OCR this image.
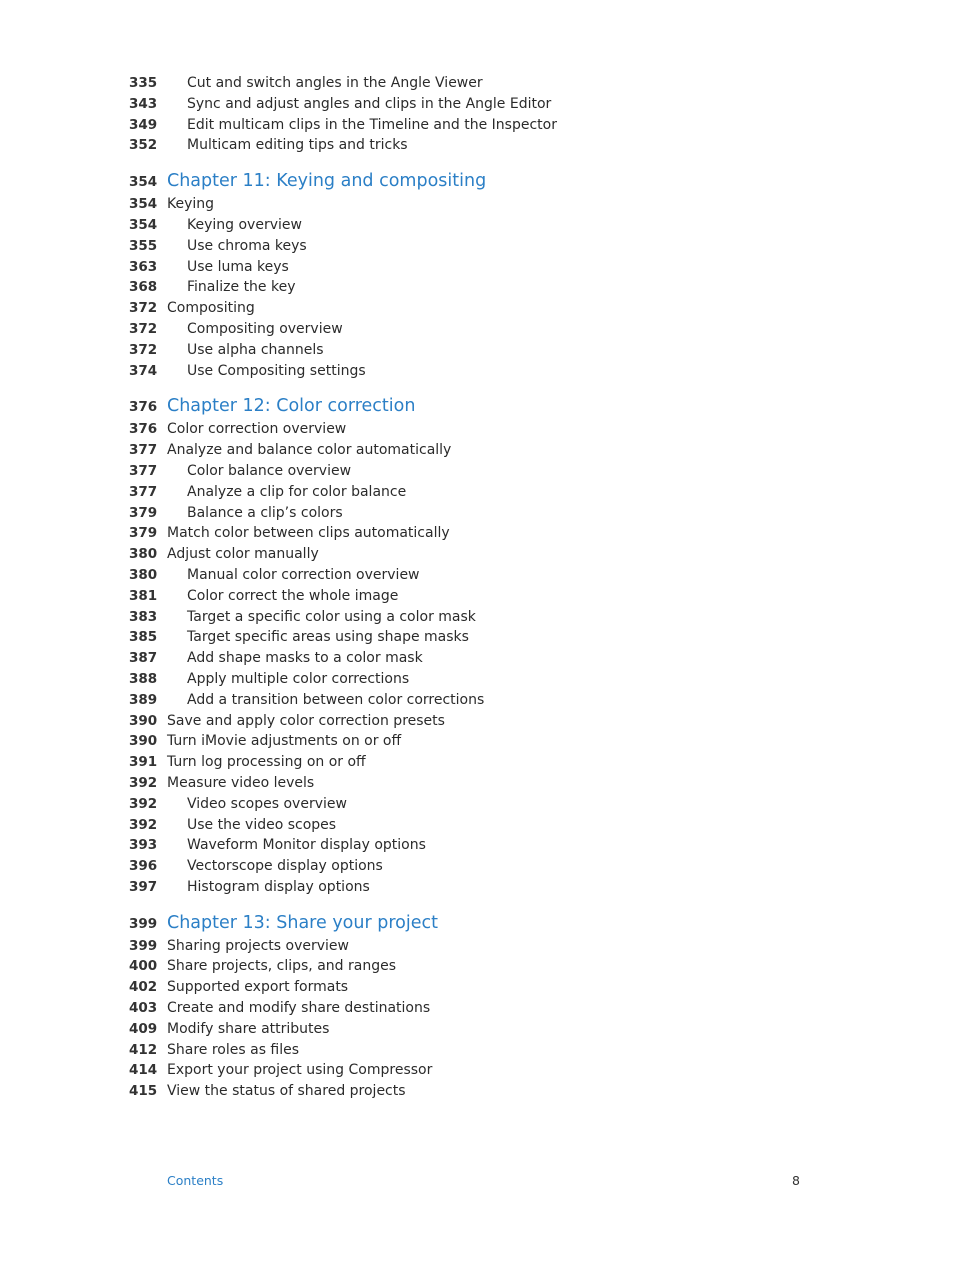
335 Cut and switch angles in the Angle Viewer
343 Sync and adjust angles and clips in the Angle Editor
349 Edit multicam clips in the Timeline and the Inspector
352 Multicam editing tips and tricks
354 Chapter 11: Keying and compositing
354 Keying
354 Keying overview
355 Use chroma keys
363 Use luma keys
368 Finalize the key
372 Compositing
372 Compositing overview
372 Use alpha channels
374 Use Compositing settings
376 Chapter 12: Color correction
376 Color correction overview
377 Analyze and balance color automatically
377 Color balance overview
377 Analyze a clip for color balance
379 Balance a clip’s colors
379 Match color between clips automatically
380 Adjust color manually
380 Manual color correction overview
381 Color correct the whole image
383 Target a specific color using a color mask
385 Target specific areas using shape masks
387 Add shape masks to a color mask
388 Apply multiple color corrections
389 Add a transition between color corrections
390 Save and apply color correction presets
390 Turn iMovie adjustments on or off
391 Turn log processing on or off
392 Measure video levels
392 Video scopes overview
392 Use the video scopes
393 Waveform Monitor display options
396 Vectorscope display options
397 Histogram display options
399 Chapter 13: Share your project
399 Sharing projects overview
400 Share projects, clips, and ranges
402 Supported export formats
403 Create and modify share destinations
409 Modify share attributes
412 Share roles as files
414 Export your project using Compressor
415 View the status of shared projects
Contents	8
